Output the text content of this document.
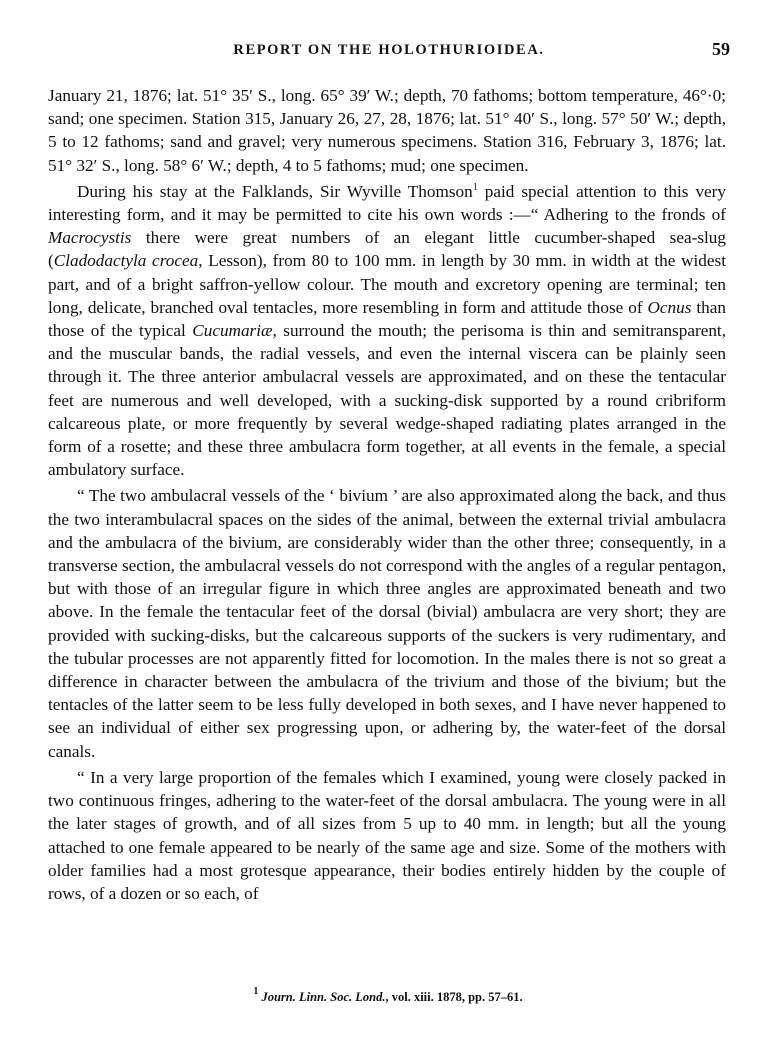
REPORT ON THE HOLOTHURIOIDEA.	59

January 21, 1876; lat. 51° 35′ S., long. 65° 39′ W.; depth, 70 fathoms; bottom temperature, 46°·0; sand; one specimen. Station 315, January 26, 27, 28, 1876; lat. 51° 40′ S., long. 57° 50′ W.; depth, 5 to 12 fathoms; sand and gravel; very numerous specimens. Station 316, February 3, 1876; lat. 51° 32′ S., long. 58° 6′ W.; depth, 4 to 5 fathoms; mud; one specimen.

During his stay at the Falklands, Sir Wyville Thomson$^1$ paid special attention to this very interesting form, and it may be permitted to cite his own words :—“ Adhering to the fronds of Macrocystis there were great numbers of an elegant little cucumber-shaped sea-slug (Cladodactyla crocea, Lesson), from 80 to 100 mm. in length by 30 mm. in width at the widest part, and of a bright saffron-yellow colour. The mouth and excretory opening are terminal; ten long, delicate, branched oval tentacles, more resembling in form and attitude those of Ocnus than those of the typical Cucumariæ, surround the mouth; the perisoma is thin and semitransparent, and the muscular bands, the radial vessels, and even the internal viscera can be plainly seen through it. The three anterior ambulacral vessels are approximated, and on these the tentacular feet are numerous and well developed, with a sucking-disk supported by a round cribriform calcareous plate, or more frequently by several wedge-shaped radiating plates arranged in the form of a rosette; and these three ambulacra form together, at all events in the female, a special ambulatory surface.

“ The two ambulacral vessels of the ‘ bivium ’ are also approximated along the back, and thus the two interambulacral spaces on the sides of the animal, between the external trivial ambulacra and the ambulacra of the bivium, are considerably wider than the other three; consequently, in a transverse section, the ambulacral vessels do not correspond with the angles of a regular pentagon, but with those of an irregular figure in which three angles are approximated beneath and two above. In the female the tentacular feet of the dorsal (bivial) ambulacra are very short; they are provided with sucking-disks, but the calcareous supports of the suckers is very rudimentary, and the tubular processes are not apparently fitted for locomotion. In the males there is not so great a difference in character between the ambulacra of the trivium and those of the bivium; but the tentacles of the latter seem to be less fully developed in both sexes, and I have never happened to see an individual of either sex progressing upon, or adhering by, the water-feet of the dorsal canals.

“ In a very large proportion of the females which I examined, young were closely packed in two continuous fringes, adhering to the water-feet of the dorsal ambulacra. The young were in all the later stages of growth, and of all sizes from 5 up to 40 mm. in length; but all the young attached to one female appeared to be nearly of the same age and size. Some of the mothers with older families had a most grotesque appearance, their bodies entirely hidden by the couple of rows, of a dozen or so each, of

$^1$ Journ. Linn. Soc. Lond., vol. xiii. 1878, pp. 57–61.
